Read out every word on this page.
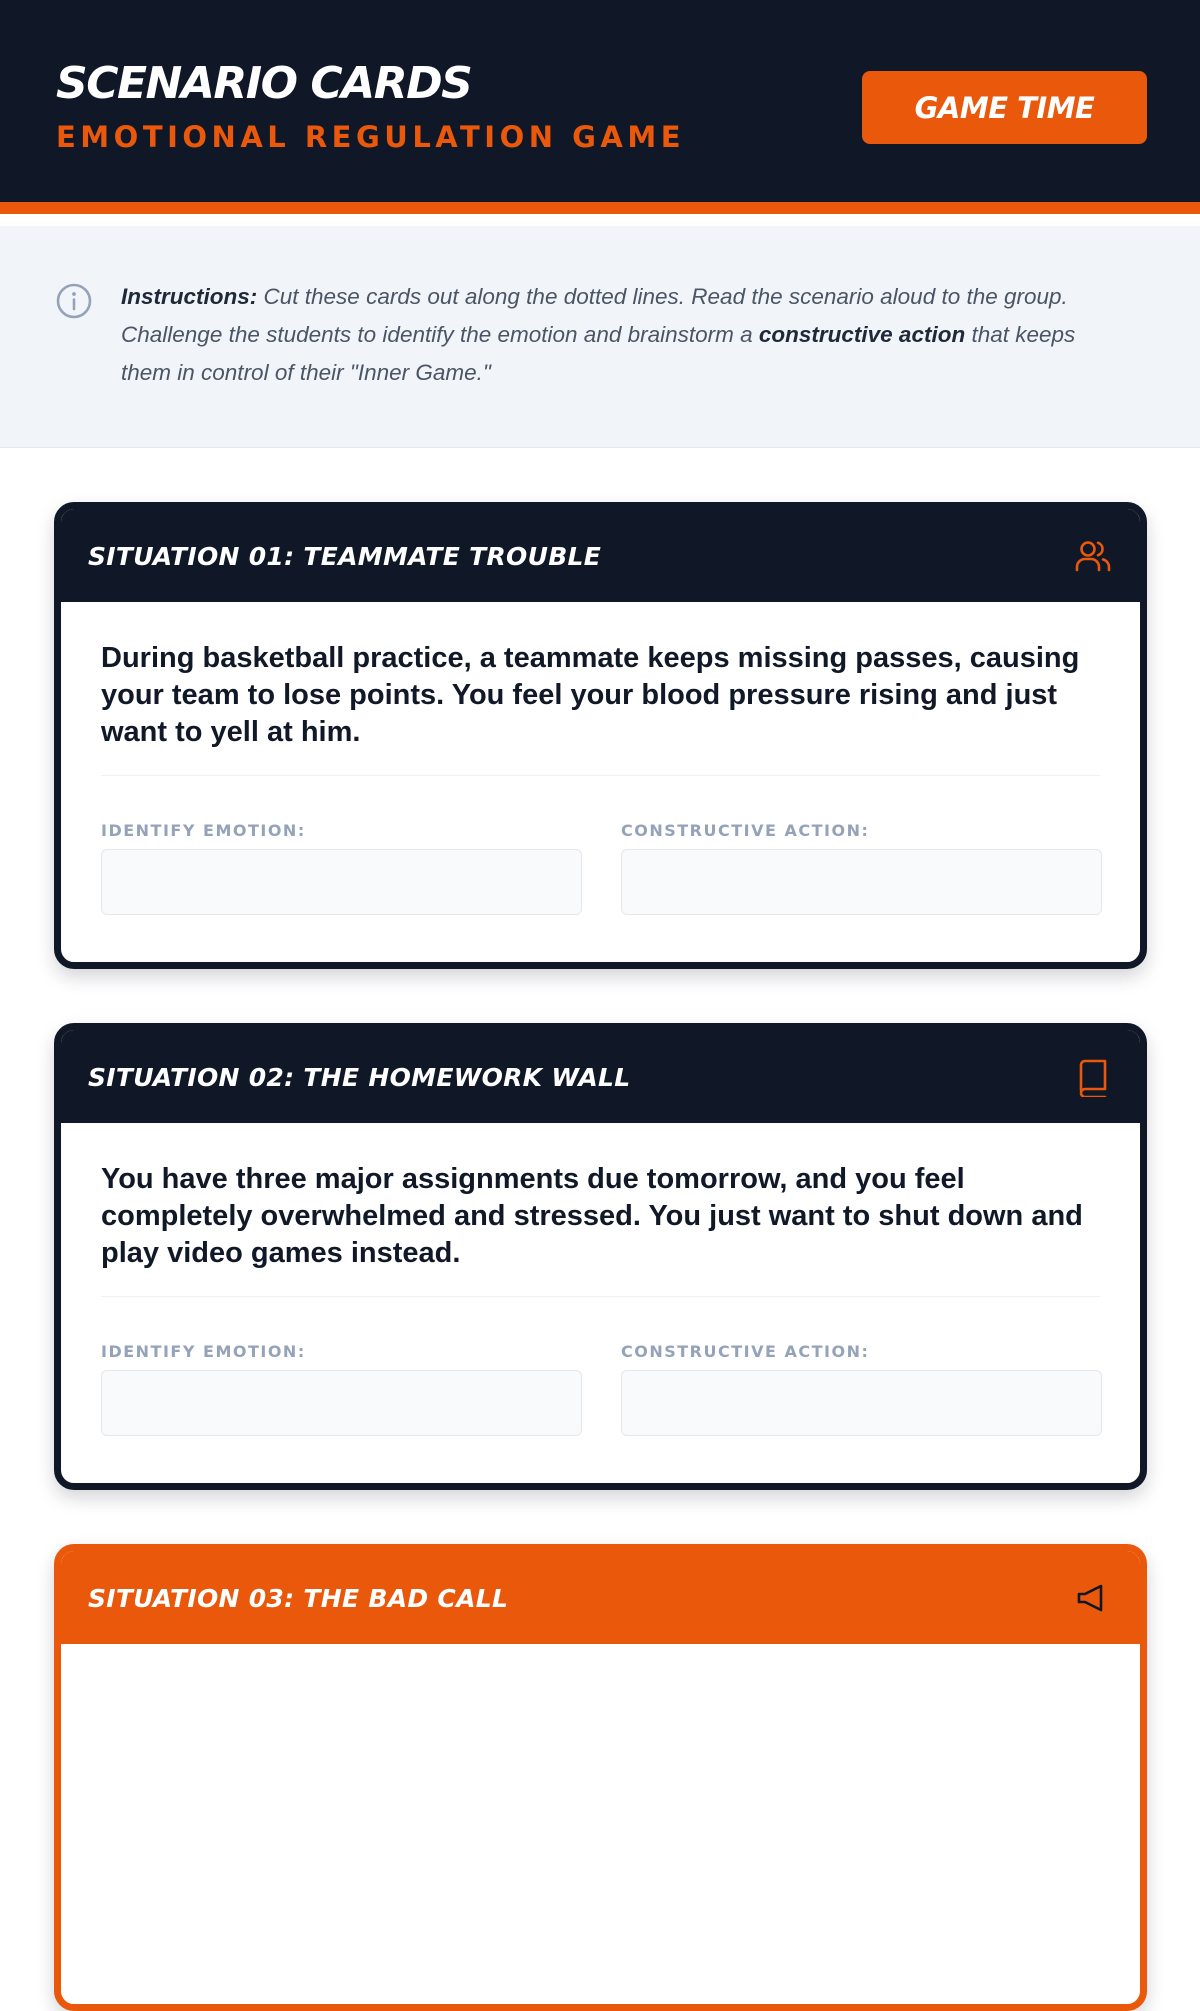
SCENARIO CARDS
EMOTIONAL REGULATION GAME
GAME TIME
Instructions: Cut these cards out along the dotted lines. Read the scenario aloud to the group. Challenge the students to identify the emotion and brainstorm a constructive action that keeps them in control of their "Inner Game."
SITUATION 01: TEAMMATE TROUBLE
During basketball practice, a teammate keeps missing passes, causing your team to lose points. You feel your blood pressure rising and just want to yell at him.
IDENTIFY EMOTION:	CONSTRUCTIVE ACTION:
SITUATION 02: THE HOMEWORK WALL
You have three major assignments due tomorrow, and you feel completely overwhelmed and stressed. You just want to shut down and play video games instead.
IDENTIFY EMOTION:	CONSTRUCTIVE ACTION:
SITUATION 03: THE BAD CALL
